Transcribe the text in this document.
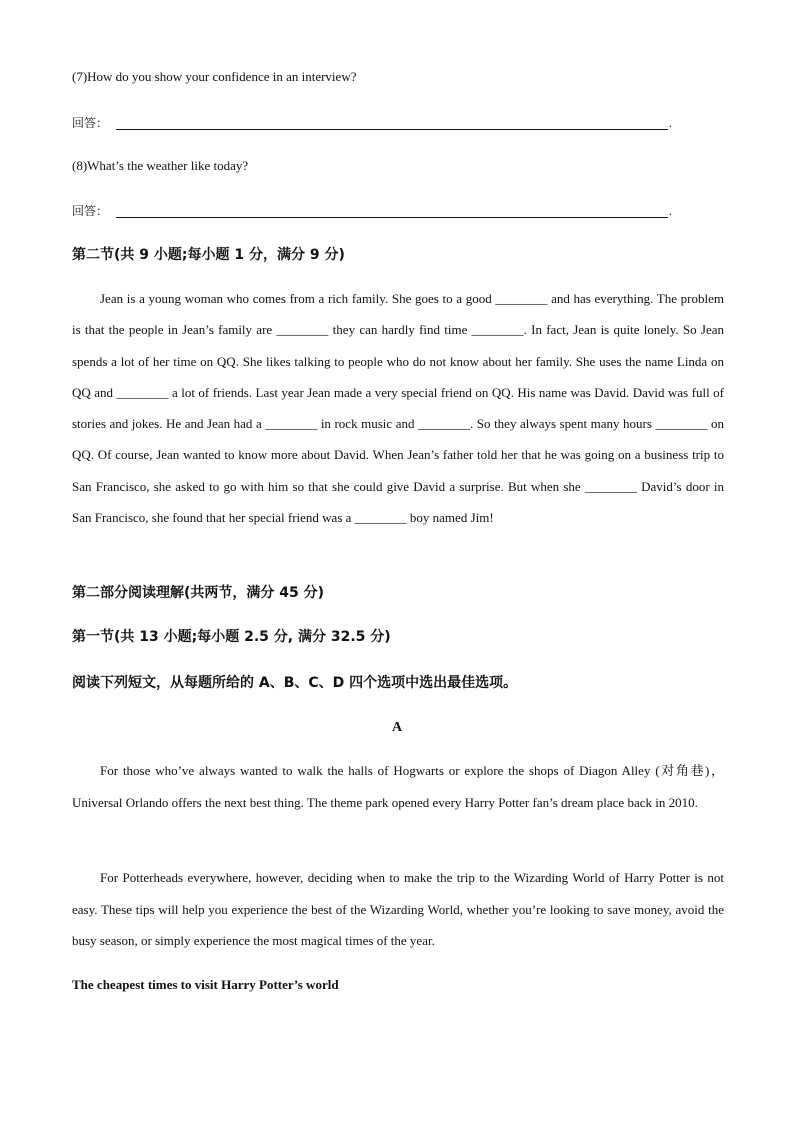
(7)How do you show your confidence in an interview?
回答：	.
(8)What’s the weather like today?
回答：	.
第二节(共 9 小题;每小题 1 分，满分 9 分)
Jean is a young woman who comes from a rich family. She goes to a good ________ and has everything. The problem is that the people in Jean’s family are ________ they can hardly find time ________. In fact, Jean is quite lonely. So Jean spends a lot of her time on QQ. She likes talking to people who do not know about her family. She uses the name Linda on QQ and ________ a lot of friends. Last year Jean made a very special friend on QQ. His name was David. David was full of stories and jokes. He and Jean had a ________ in rock music and ________. So they always spent many hours ________ on QQ. Of course, Jean wanted to know more about David. When Jean’s father told her that he was going on a business trip to San Francisco, she asked to go with him so that she could give David a surprise. But when she ________ David’s door in San Francisco, she found that her special friend was a ________ boy named Jim!
第二部分阅读理解(共两节，满分 45 分)
第一节(共 13 小题;每小题 2.5 分, 满分 32.5 分)
阅读下列短文，从每题所给的 A、B、C、D 四个选项中选出最佳选项。
A
For those who’ve always wanted to walk the halls of Hogwarts or explore the shops of Diagon Alley (对角巷)，Universal Orlando offers the next best thing. The theme park opened every Harry Potter fan’s dream place back in 2010.
For Potterheads everywhere, however, deciding when to make the trip to the Wizarding World of Harry Potter is not easy. These tips will help you experience the best of the Wizarding World, whether you’re looking to save money, avoid the busy season, or simply experience the most magical times of the year.
The cheapest times to visit Harry Potter’s world
